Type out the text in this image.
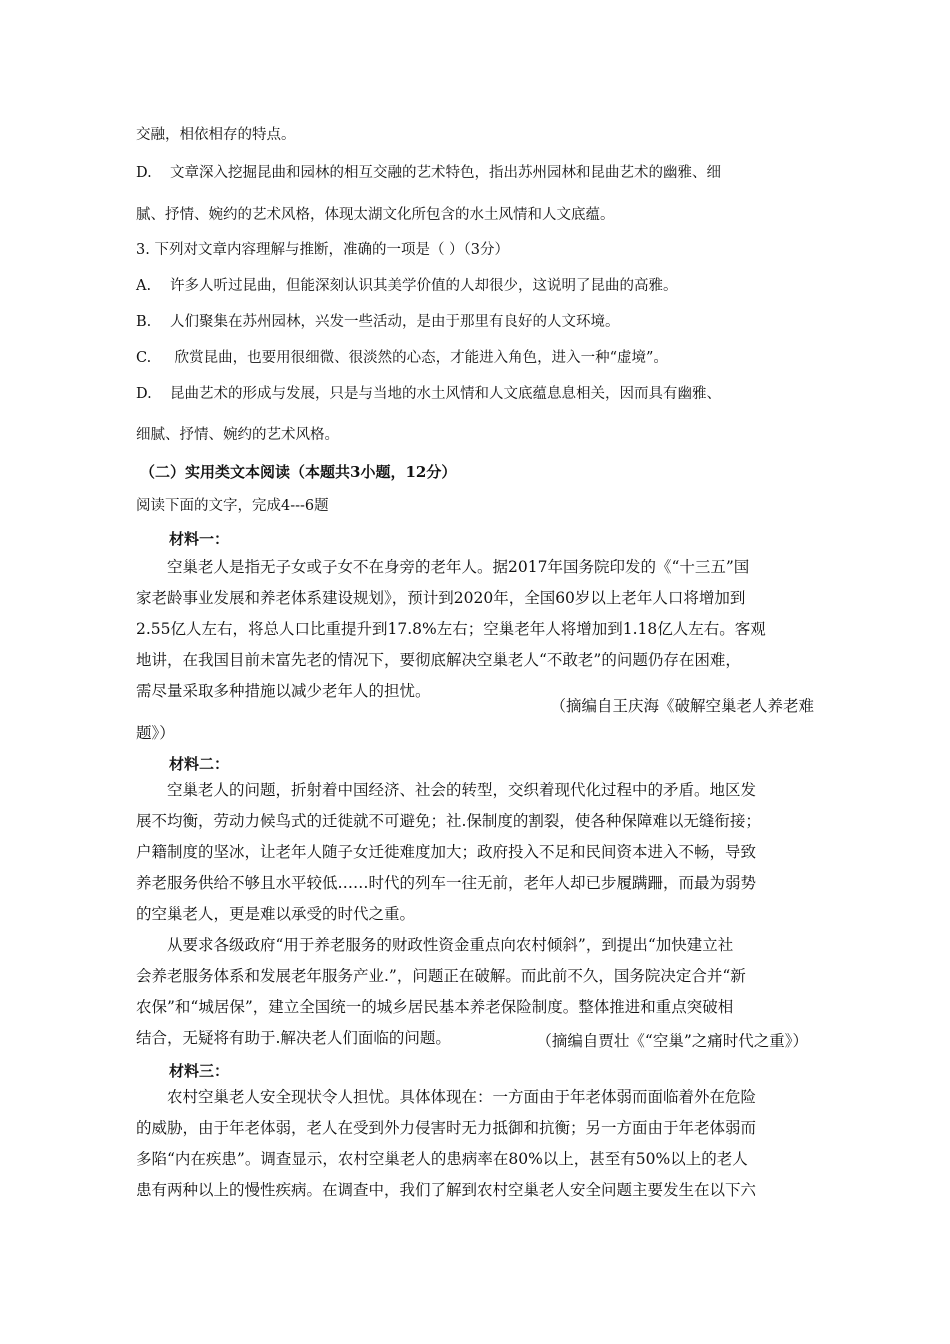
交融，相依相存的特点。
D. 文章深入挖掘昆曲和园林的相互交融的艺术特色，指出苏州园林和昆曲艺术的幽雅、细
腻、抒情、婉约的艺术风格，体现太湖文化所包含的水土风情和人文底蕴。
3. 下列对文章内容理解与推断，准确的一项是（ ）（3分）
A. 许多人听过昆曲，但能深刻认识其美学价值的人却很少，这说明了昆曲的高雅。
B. 人们聚集在苏州园林，兴发一些活动，是由于那里有良好的人文环境。
C. 欣赏昆曲，也要用很细微、很淡然的心态，才能进入角色，进入一种“虚境”。
D. 昆曲艺术的形成与发展，只是与当地的水土风情和人文底蕴息息相关，因而具有幽雅、
细腻、抒情、婉约的艺术风格。
（二）实用类文本阅读（本题共3小题，12分）
阅读下面的文字，完成4---6题
材料一：
　　空巢老人是指无子女或子女不在身旁的老年人。据2017年国务院印发的《“十三五”国
家老龄事业发展和养老体系建设规划》，预计到2020年，全国60岁以上老年人口将增加到
2.55亿人左右，将总人口比重提升到17.8%左右；空巢老年人将增加到1.18亿人左右。客观
地讲，在我国目前未富先老的情况下，要彻底解决空巢老人“不敢老”的问题仍存在困难，
需尽量采取多种措施以减少老年人的担忧。
（摘编自王庆海《破解空巢老人养老难
题》）
材料二：
　　空巢老人的问题，折射着中国经济、社会的转型，交织着现代化过程中的矛盾。地区发
展不均衡，劳动力候鸟式的迁徙就不可避免；社.保制度的割裂，使各种保障难以无缝衔接；
户籍制度的坚冰，让老年人随子女迁徙难度加大；政府投入不足和民间资本进入不畅，导致
养老服务供给不够且水平较低……时代的列车一往无前，老年人却已步履蹒跚，而最为弱势
的空巢老人，更是难以承受的时代之重。
　　从要求各级政府“用于养老服务的财政性资金重点向农村倾斜”，到提出“加快建立社
会养老服务体系和发展老年服务产业.”，问题正在破解。而此前不久，国务院决定合并“新
农保”和“城居保”，建立全国统一的城乡居民基本养老保险制度。整体推进和重点突破相
结合，无疑将有助于.解决老人们面临的问题。	（摘编自贾壮《“空巢”之痛时代之重》）
材料三：
　　农村空巢老人安全现状令人担忧。具体体现在：一方面由于年老体弱而面临着外在危险
的威胁，由于年老体弱，老人在受到外力侵害时无力抵御和抗衡；另一方面由于年老体弱而
多陷“内在疾患”。调查显示，农村空巢老人的患病率在80%以上，甚至有50%以上的老人
患有两种以上的慢性疾病。在调查中，我们了解到农村空巢老人安全问题主要发生在以下六
